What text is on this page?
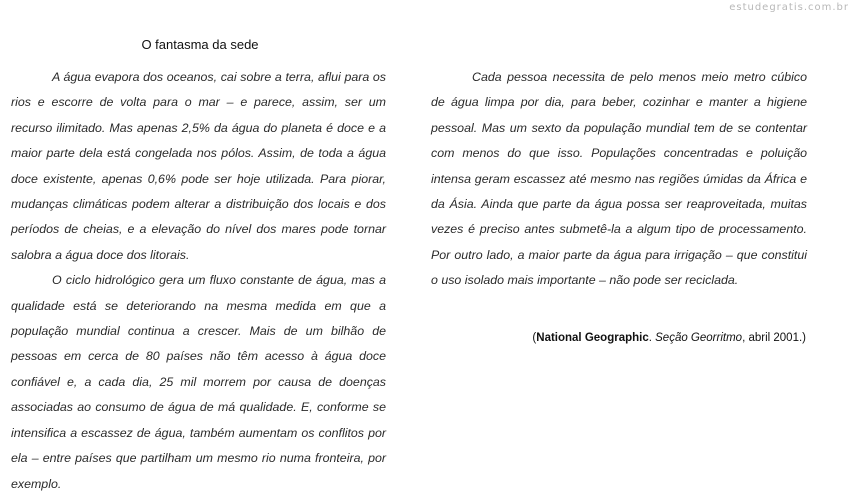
estudegratis.com.br
O fantasma da sede

A água evapora dos oceanos, cai sobre a terra, aflui para os rios e escorre de volta para o mar – e parece, assim, ser um recurso ilimitado. Mas apenas 2,5% da água do planeta é doce e a maior parte dela está congelada nos pólos. Assim, de toda a água doce existente, apenas 0,6% pode ser hoje utilizada. Para piorar, mudanças climáticas podem alterar a distribuição dos locais e dos períodos de cheias, e a elevação do nível dos mares pode tornar salobra a água doce dos litorais.

O ciclo hidrológico gera um fluxo constante de água, mas a qualidade está se deteriorando na mesma medida em que a população mundial continua a crescer. Mais de um bilhão de pessoas em cerca de 80 países não têm acesso à água doce confiável e, a cada dia, 25 mil morrem por causa de doenças associadas ao consumo de água de má qualidade. E, conforme se intensifica a escassez de água, também aumentam os conflitos por ela – entre países que partilham um mesmo rio numa fronteira, por exemplo.

Cada pessoa necessita de pelo menos meio metro cúbico de água limpa por dia, para beber, cozinhar e manter a higiene pessoal. Mas um sexto da população mundial tem de se contentar com menos do que isso. Populações concentradas e poluição intensa geram escassez até mesmo nas regiões úmidas da África e da Ásia. Ainda que parte da água possa ser reaproveitada, muitas vezes é preciso antes submetê-la a algum tipo de processamento. Por outro lado, a maior parte da água para irrigação – que constitui o uso isolado mais importante – não pode ser reciclada.

(National Geographic. Seção Georritmo, abril 2001.)
